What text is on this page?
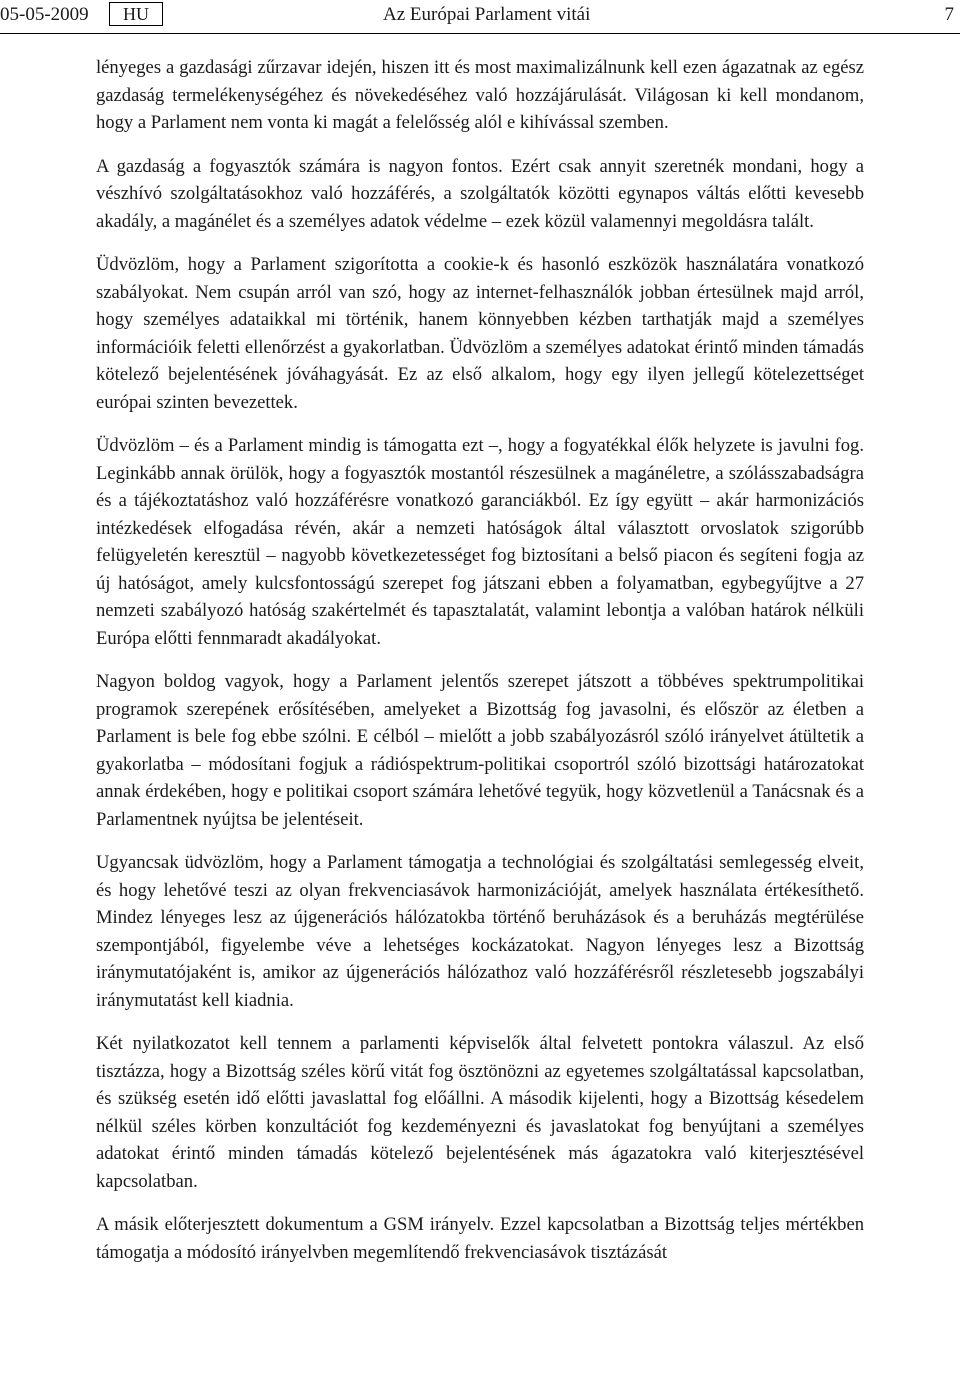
05-05-2009	HU	Az Európai Parlament vitái	7

lényeges a gazdasági zűrzavar idején, hiszen itt és most maximalizálnunk kell ezen ágazatnak az egész gazdaság termelékenységéhez és növekedéséhez való hozzájárulását. Világosan ki kell mondanom, hogy a Parlament nem vonta ki magát a felelősség alól e kihívással szemben.

A gazdaság a fogyasztók számára is nagyon fontos. Ezért csak annyit szeretnék mondani, hogy a vészhívó szolgáltatásokhoz való hozzáférés, a szolgáltatók közötti egynapos váltás előtti kevesebb akadály, a magánélet és a személyes adatok védelme – ezek közül valamennyi megoldásra talált.

Üdvözlöm, hogy a Parlament szigorította a cookie-k és hasonló eszközök használatára vonatkozó szabályokat. Nem csupán arról van szó, hogy az internet-felhasználók jobban értesülnek majd arról, hogy személyes adataikkal mi történik, hanem könnyebben kézben tarthatják majd a személyes információik feletti ellenőrzést a gyakorlatban. Üdvözlöm a személyes adatokat érintő minden támadás kötelező bejelentésének jóváhagyását. Ez az első alkalom, hogy egy ilyen jellegű kötelezettséget európai szinten bevezettek.

Üdvözlöm – és a Parlament mindig is támogatta ezt –, hogy a fogyatékkal élők helyzete is javulni fog. Leginkább annak örülök, hogy a fogyasztók mostantól részesülnek a magánéletre, a szólásszabadságra és a tájékoztatáshoz való hozzáférésre vonatkozó garanciákból. Ez így együtt – akár harmonizációs intézkedések elfogadása révén, akár a nemzeti hatóságok által választott orvoslatok szigorúbb felügyeletén keresztül – nagyobb következetességet fog biztosítani a belső piacon és segíteni fogja az új hatóságot, amely kulcsfontosságú szerepet fog játszani ebben a folyamatban, egybegyűjtve a 27 nemzeti szabályozó hatóság szakértelmét és tapasztalatát, valamint lebontja a valóban határok nélküli Európa előtti fennmaradt akadályokat.

Nagyon boldog vagyok, hogy a Parlament jelentős szerepet játszott a többéves spektrumpolitikai programok szerepének erősítésében, amelyeket a Bizottság fog javasolni, és először az életben a Parlament is bele fog ebbe szólni. E célból – mielőtt a jobb szabályozásról szóló irányelvet átültetik a gyakorlatba – módosítani fogjuk a rádióspektrum-politikai csoportról szóló bizottsági határozatokat annak érdekében, hogy e politikai csoport számára lehetővé tegyük, hogy közvetlenül a Tanácsnak és a Parlamentnek nyújtsa be jelentéseit.

Ugyancsak üdvözlöm, hogy a Parlament támogatja a technológiai és szolgáltatási semlegesség elveit, és hogy lehetővé teszi az olyan frekvenciasávok harmonizációját, amelyek használata értékesíthető. Mindez lényeges lesz az újgenerációs hálózatokba történő beruházások és a beruházás megtérülése szempontjából, figyelembe véve a lehetséges kockázatokat. Nagyon lényeges lesz a Bizottság iránymutatójaként is, amikor az újgenerációs hálózathoz való hozzáférésről részletesebb jogszabályi iránymutatást kell kiadnia.

Két nyilatkozatot kell tennem a parlamenti képviselők által felvetett pontokra válaszul. Az első tisztázza, hogy a Bizottság széles körű vitát fog ösztönözni az egyetemes szolgáltatással kapcsolatban, és szükség esetén idő előtti javaslattal fog előállni. A második kijelenti, hogy a Bizottság késedelem nélkül széles körben konzultációt fog kezdeményezni és javaslatokat fog benyújtani a személyes adatokat érintő minden támadás kötelező bejelentésének más ágazatokra való kiterjesztésével kapcsolatban.

A másik előterjesztett dokumentum a GSM irányelv. Ezzel kapcsolatban a Bizottság teljes mértékben támogatja a módosító irányelvben megemlítendő frekvenciasávok tisztázását
